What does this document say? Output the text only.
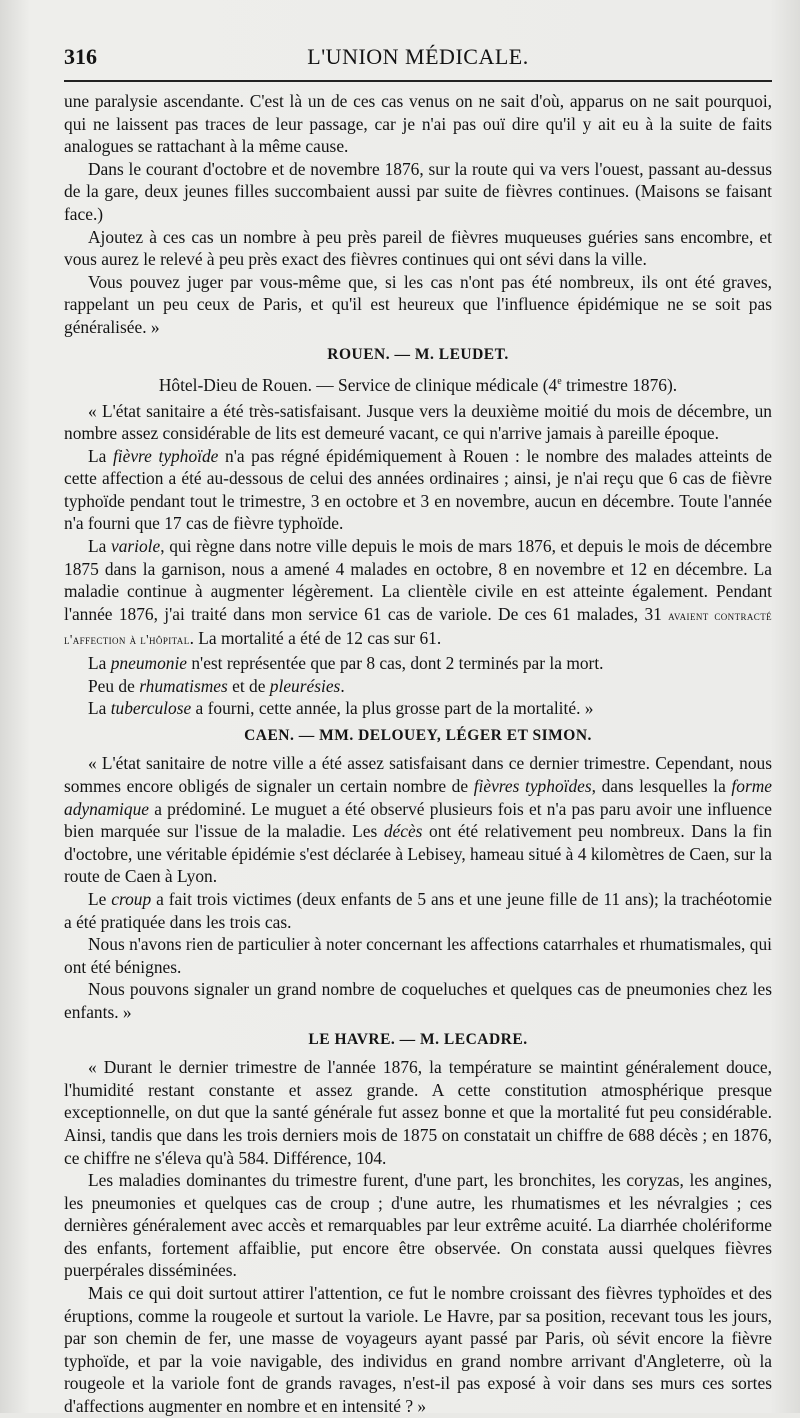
316	L'UNION MÉDICALE.

une paralysie ascendante. C'est là un de ces cas venus on ne sait d'où, apparus on ne sait pourquoi, qui ne laissent pas traces de leur passage, car je n'ai pas ouï dire qu'il y ait eu à la suite de faits analogues se rattachant à la même cause.

Dans le courant d'octobre et de novembre 1876, sur la route qui va vers l'ouest, passant au-dessus de la gare, deux jeunes filles succombaient aussi par suite de fièvres continues. (Maisons se faisant face.)

Ajoutez à ces cas un nombre à peu près pareil de fièvres muqueuses guéries sans encombre, et vous aurez le relevé à peu près exact des fièvres continues qui ont sévi dans la ville.

Vous pouvez juger par vous-même que, si les cas n'ont pas été nombreux, ils ont été graves, rappelant un peu ceux de Paris, et qu'il est heureux que l'influence épidémique ne se soit pas généralisée. »

ROUEN. — M. LEUDET.
Hôtel-Dieu de Rouen. — Service de clinique médicale (4e trimestre 1876).

« L'état sanitaire a été très-satisfaisant. Jusque vers la deuxième moitié du mois de décembre, un nombre assez considérable de lits est demeuré vacant, ce qui n'arrive jamais à pareille époque.

La fièvre typhoïde n'a pas régné épidémiquement à Rouen : le nombre des malades atteints de cette affection a été au-dessous de celui des années ordinaires ; ainsi, je n'ai reçu que 6 cas de fièvre typhoïde pendant tout le trimestre, 3 en octobre et 3 en novembre, aucun en décembre. Toute l'année n'a fourni que 17 cas de fièvre typhoïde.

La variole, qui règne dans notre ville depuis le mois de mars 1876, et depuis le mois de décembre 1875 dans la garnison, nous a amené 4 malades en octobre, 8 en novembre et 12 en décembre. La maladie continue à augmenter légèrement. La clientèle civile en est atteinte également. Pendant l'année 1876, j'ai traité dans mon service 61 cas de variole. De ces 61 malades, 31 avaient contracté l'affection à l'hôpital. La mortalité a été de 12 cas sur 61.

La pneumonie n'est représentée que par 8 cas, dont 2 terminés par la mort.

Peu de rhumatismes et de pleurésies.

La tuberculose a fourni, cette année, la plus grosse part de la mortalité. »

CAEN. — MM. DELOUEY, LÉGER ET SIMON.

« L'état sanitaire de notre ville a été assez satisfaisant dans ce dernier trimestre. Cependant, nous sommes encore obligés de signaler un certain nombre de fièvres typhoïdes, dans lesquelles la forme adynamique a prédominé. Le muguet a été observé plusieurs fois et n'a pas paru avoir une influence bien marquée sur l'issue de la maladie. Les décès ont été relativement peu nombreux. Dans la fin d'octobre, une véritable épidémie s'est déclarée à Lebisey, hameau situé à 4 kilomètres de Caen, sur la route de Caen à Lyon.

Le croup a fait trois victimes (deux enfants de 5 ans et une jeune fille de 11 ans); la trachéotomie a été pratiquée dans les trois cas.

Nous n'avons rien de particulier à noter concernant les affections catarrhales et rhumatismales, qui ont été bénignes.

Nous pouvons signaler un grand nombre de coqueluches et quelques cas de pneumonies chez les enfants. »

LE HAVRE. — M. LECADRE.

« Durant le dernier trimestre de l'année 1876, la température se maintint généralement douce, l'humidité restant constante et assez grande. A cette constitution atmosphérique presque exceptionnelle, on dut que la santé générale fut assez bonne et que la mortalité fut peu considérable. Ainsi, tandis que dans les trois derniers mois de 1875 on constatait un chiffre de 688 décès ; en 1876, ce chiffre ne s'éleva qu'à 584. Différence, 104.

Les maladies dominantes du trimestre furent, d'une part, les bronchites, les coryzas, les angines, les pneumonies et quelques cas de croup ; d'une autre, les rhumatismes et les névralgies ; ces dernières généralement avec accès et remarquables par leur extrême acuité. La diarrhée cholériforme des enfants, fortement affaiblie, put encore être observée. On constata aussi quelques fièvres puerpérales disséminées.

Mais ce qui doit surtout attirer l'attention, ce fut le nombre croissant des fièvres typhoïdes et des éruptions, comme la rougeole et surtout la variole. Le Havre, par sa position, recevant tous les jours, par son chemin de fer, une masse de voyageurs ayant passé par Paris, où sévit encore la fièvre typhoïde, et par la voie navigable, des individus en grand nombre arrivant d'Angleterre, où la rougeole et la variole font de grands ravages, n'est-il pas exposé à voir dans ses murs ces sortes d'affections augmenter en nombre et en intensité ? »
